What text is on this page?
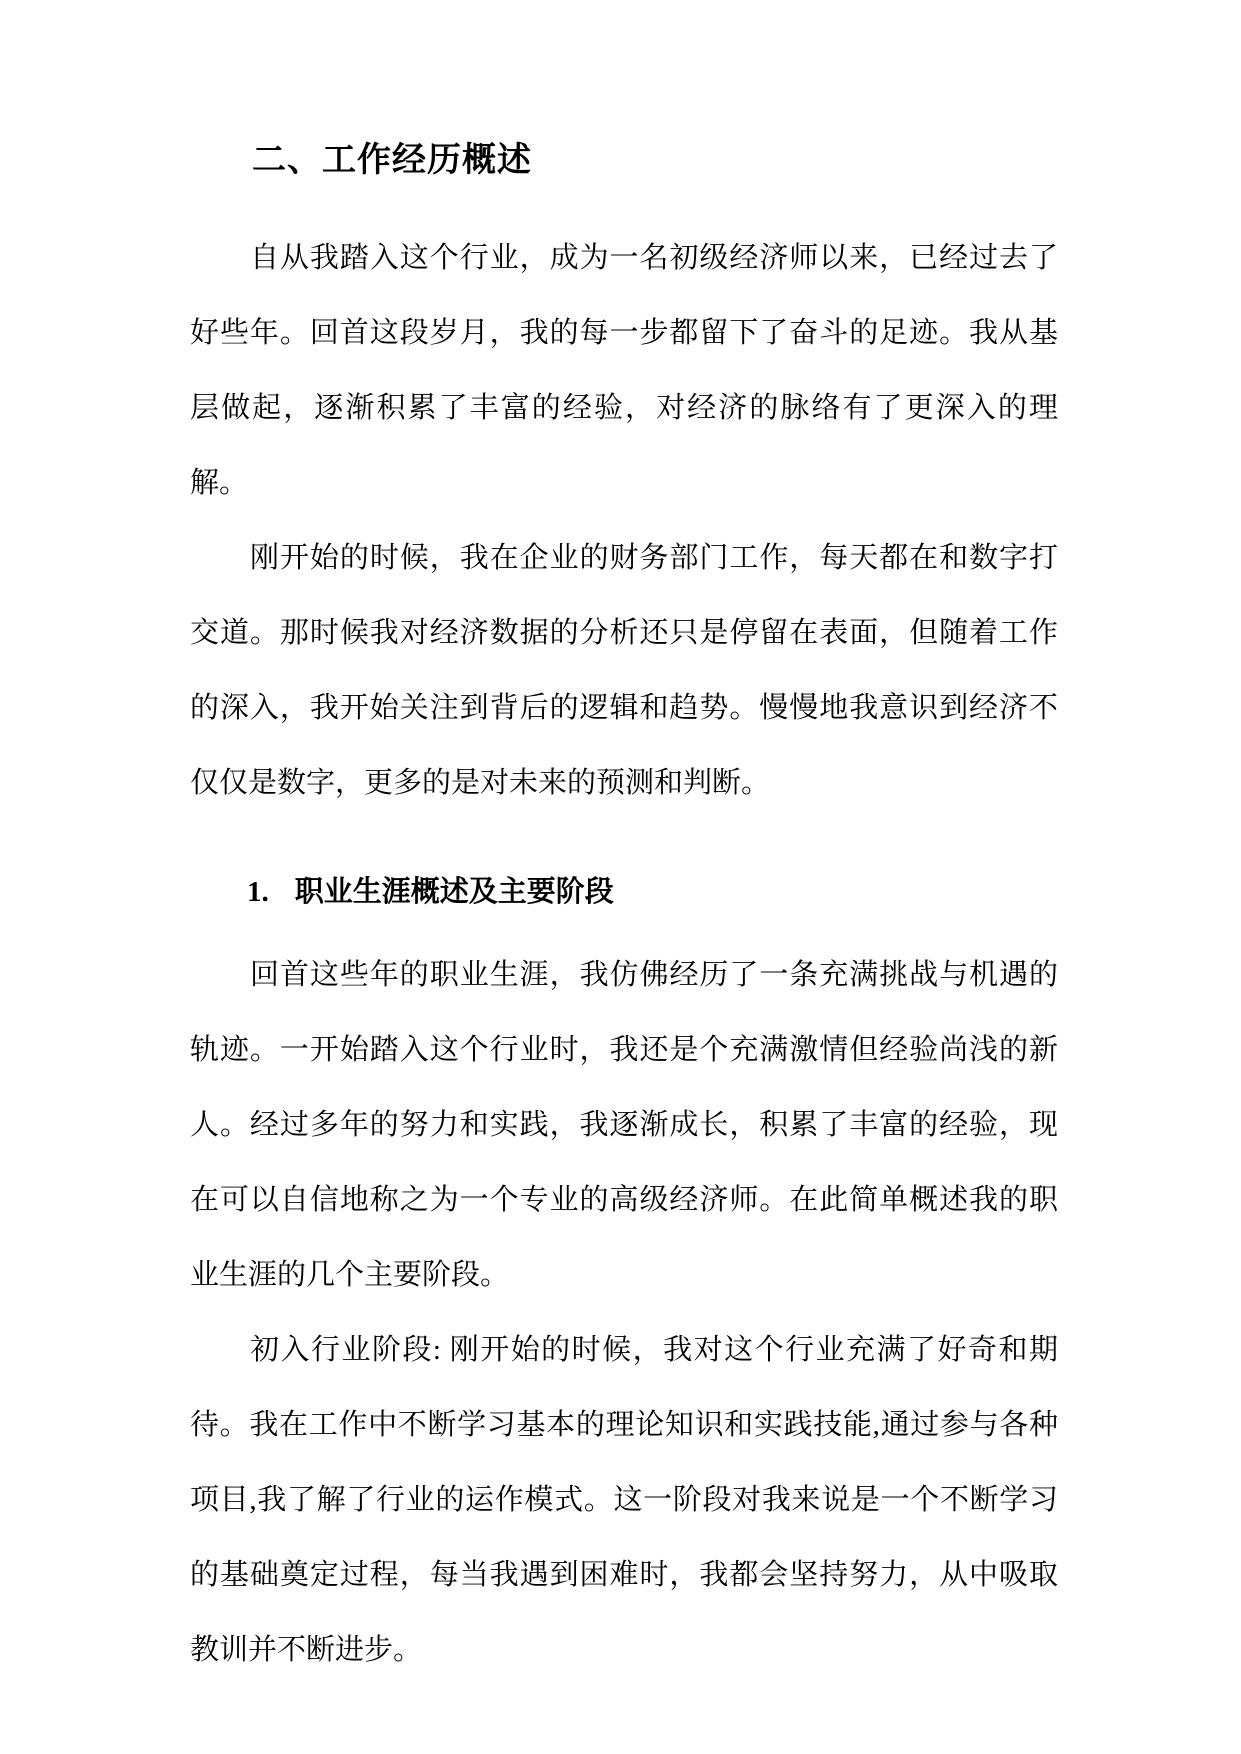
二、工作经历概述

自从我踏入这个行业，成为一名初级经济师以来，已经过去了好些年。回首这段岁月，我的每一步都留下了奋斗的足迹。我从基层做起，逐渐积累了丰富的经验，对经济的脉络有了更深入的理解。

刚开始的时候，我在企业的财务部门工作，每天都在和数字打交道。那时候我对经济数据的分析还只是停留在表面，但随着工作的深入，我开始关注到背后的逻辑和趋势。慢慢地我意识到经济不仅仅是数字，更多的是对未来的预测和判断。

1. 职业生涯概述及主要阶段

回首这些年的职业生涯，我仿佛经历了一条充满挑战与机遇的轨迹。一开始踏入这个行业时，我还是个充满激情但经验尚浅的新人。经过多年的努力和实践，我逐渐成长，积累了丰富的经验，现在可以自信地称之为一个专业的高级经济师。在此简单概述我的职业生涯的几个主要阶段。

初入行业阶段: 刚开始的时候，我对这个行业充满了好奇和期待。我在工作中不断学习基本的理论知识和实践技能,通过参与各种项目,我了解了行业的运作模式。这一阶段对我来说是一个不断学习的基础奠定过程，每当我遇到困难时，我都会坚持努力，从中吸取教训并不断进步。
